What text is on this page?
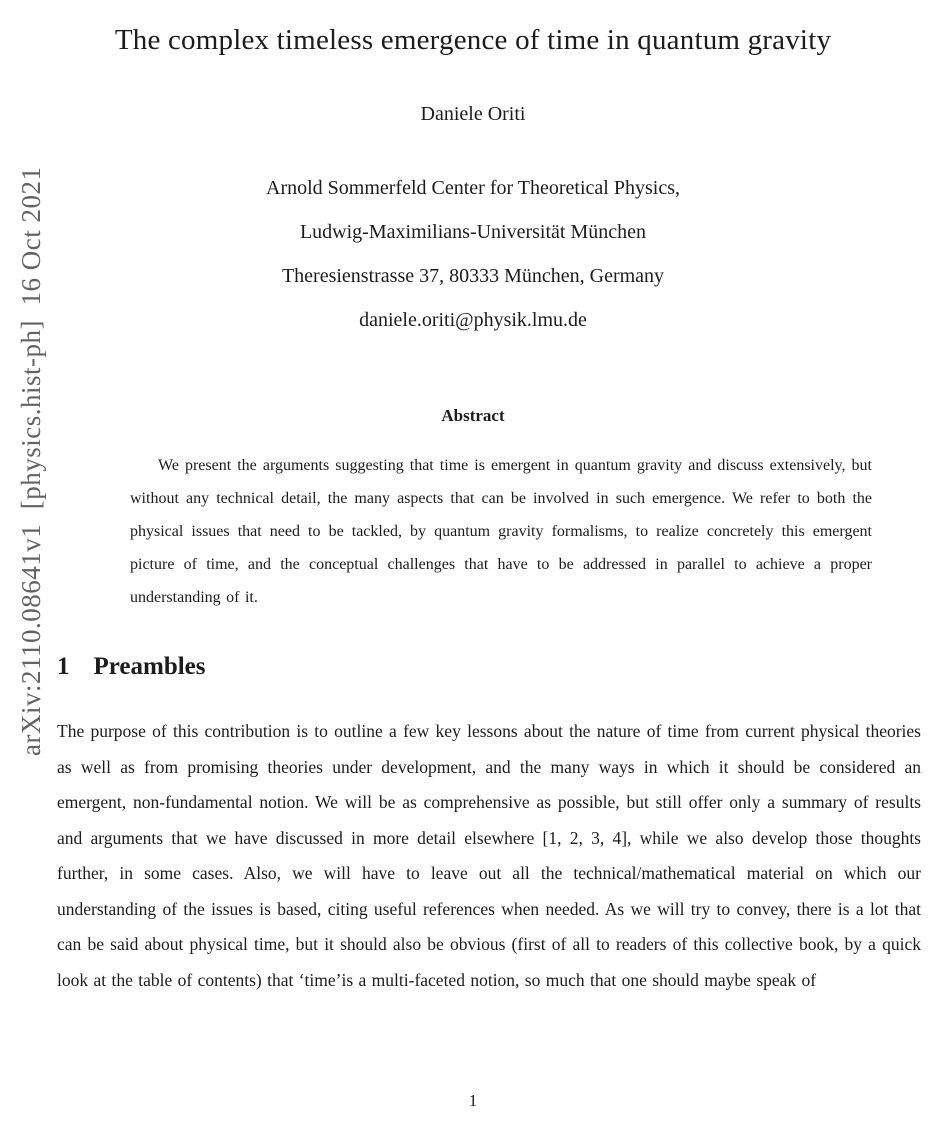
arXiv:2110.08641v1  [physics.hist-ph]  16 Oct 2021
The complex timeless emergence of time in quantum gravity
Daniele Oriti
Arnold Sommerfeld Center for Theoretical Physics,
Ludwig-Maximilians-Universität München
Theresienstrasse 37, 80333 München, Germany
daniele.oriti@physik.lmu.de
Abstract

We present the arguments suggesting that time is emergent in quantum gravity and discuss extensively, but without any technical detail, the many aspects that can be involved in such emergence. We refer to both the physical issues that need to be tackled, by quantum gravity formalisms, to realize concretely this emergent picture of time, and the conceptual challenges that have to be addressed in parallel to achieve a proper understanding of it.

1 Preambles

The purpose of this contribution is to outline a few key lessons about the nature of time from current physical theories as well as from promising theories under development, and the many ways in which it should be considered an emergent, non-fundamental notion. We will be as comprehensive as possible, but still offer only a summary of results and arguments that we have discussed in more detail elsewhere [1, 2, 3, 4], while we also develop those thoughts further, in some cases. Also, we will have to leave out all the technical/mathematical material on which our understanding of the issues is based, citing useful references when needed. As we will try to convey, there is a lot that can be said about physical time, but it should also be obvious (first of all to readers of this collective book, by a quick look at the table of contents) that ‘time’is a multi-faceted notion, so much that one should maybe speak of

1
